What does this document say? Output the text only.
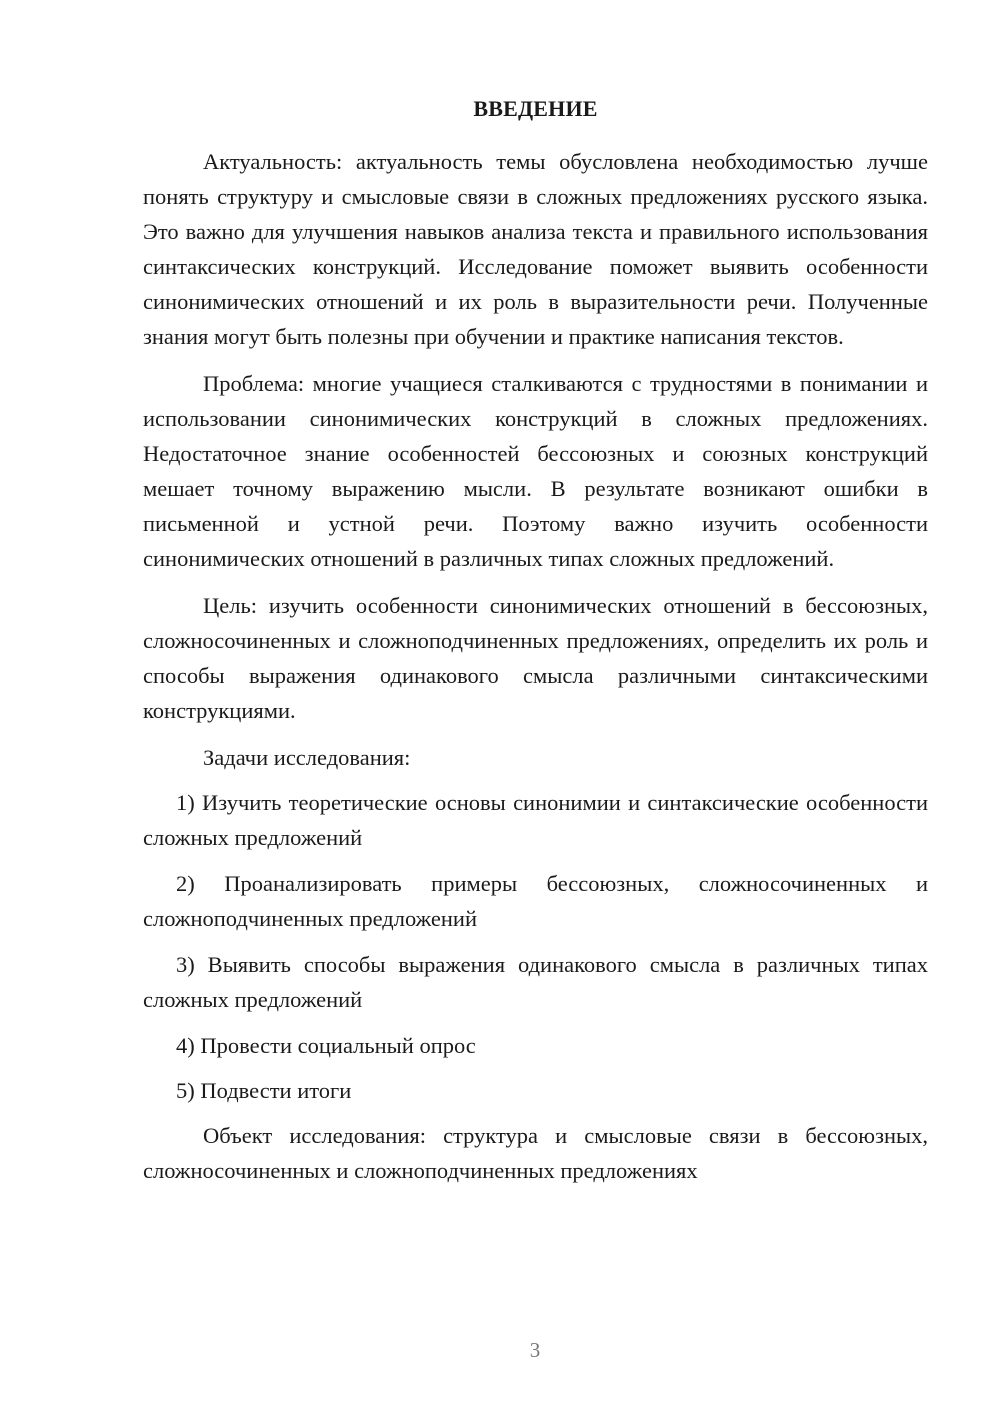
ВВЕДЕНИЕ

Актуальность: актуальность темы обусловлена необходимостью лучше понять структуру и смысловые связи в сложных предложениях русского языка. Это важно для улучшения навыков анализа текста и правильного использования синтаксических конструкций. Исследование поможет выявить особенности синонимических отношений и их роль в выразительности речи. Полученные знания могут быть полезны при обучении и практике написания текстов.

Проблема: многие учащиеся сталкиваются с трудностями в понимании и использовании синонимических конструкций в сложных предложениях. Недостаточное знание особенностей бессоюзных и союзных конструкций мешает точному выражению мысли. В результате возникают ошибки в письменной и устной речи. Поэтому важно изучить особенности синонимических отношений в различных типах сложных предложений.

Цель: изучить особенности синонимических отношений в бессоюзных, сложносочиненных и сложноподчиненных предложениях, определить их роль и способы выражения одинакового смысла различными синтаксическими конструкциями.

Задачи исследования:

1) Изучить теоретические основы синонимии и синтаксические особенности сложных предложений

2) Проанализировать примеры бессоюзных, сложносочиненных и сложноподчиненных предложений

3) Выявить способы выражения одинакового смысла в различных типах сложных предложений

4) Провести социальный опрос

5) Подвести итоги

Объект исследования: структура и смысловые связи в бессоюзных, сложносочиненных и сложноподчиненных предложениях

3
